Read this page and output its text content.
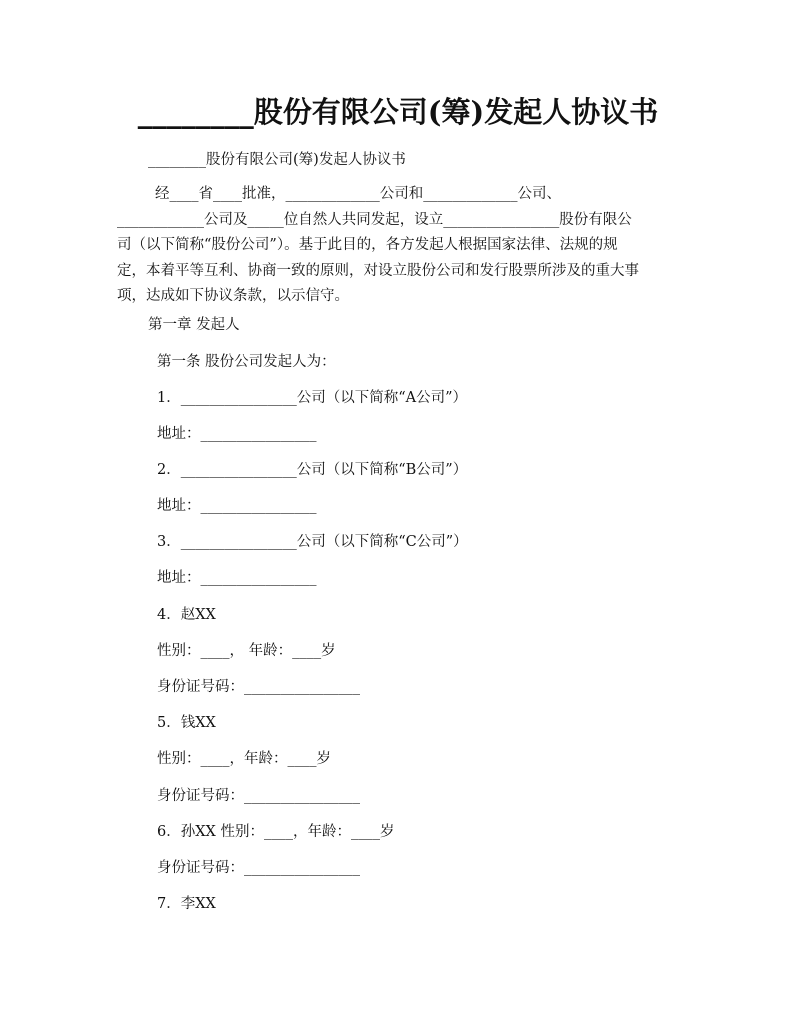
________股份有限公司(筹)发起人协议书
________股份有限公司(筹)发起人协议书
经____省____批准，_____________公司和_____________公司、
____________公司及_____位自然人共同发起，设立________________股份有限公
司（以下简称“股份公司”）。基于此目的，各方发起人根据国家法律、法规的规
定，本着平等互利、协商一致的原则，对设立股份公司和发行股票所涉及的重大事
项，达成如下协议条款，以示信守。
第一章 发起人
第一条 股份公司发起人为：
1．________________公司（以下简称“A公司”）
地址：________________
2．________________公司（以下简称“B公司”）
地址：________________
3．________________公司（以下简称“C公司”）
地址：________________
4．赵XX
性别：____， 年龄：____岁
身份证号码：________________
5．钱XX
性别：____，年龄：____岁
身份证号码：________________
6．孙XX 性别：____，年龄：____岁
身份证号码：________________
7．李XX
